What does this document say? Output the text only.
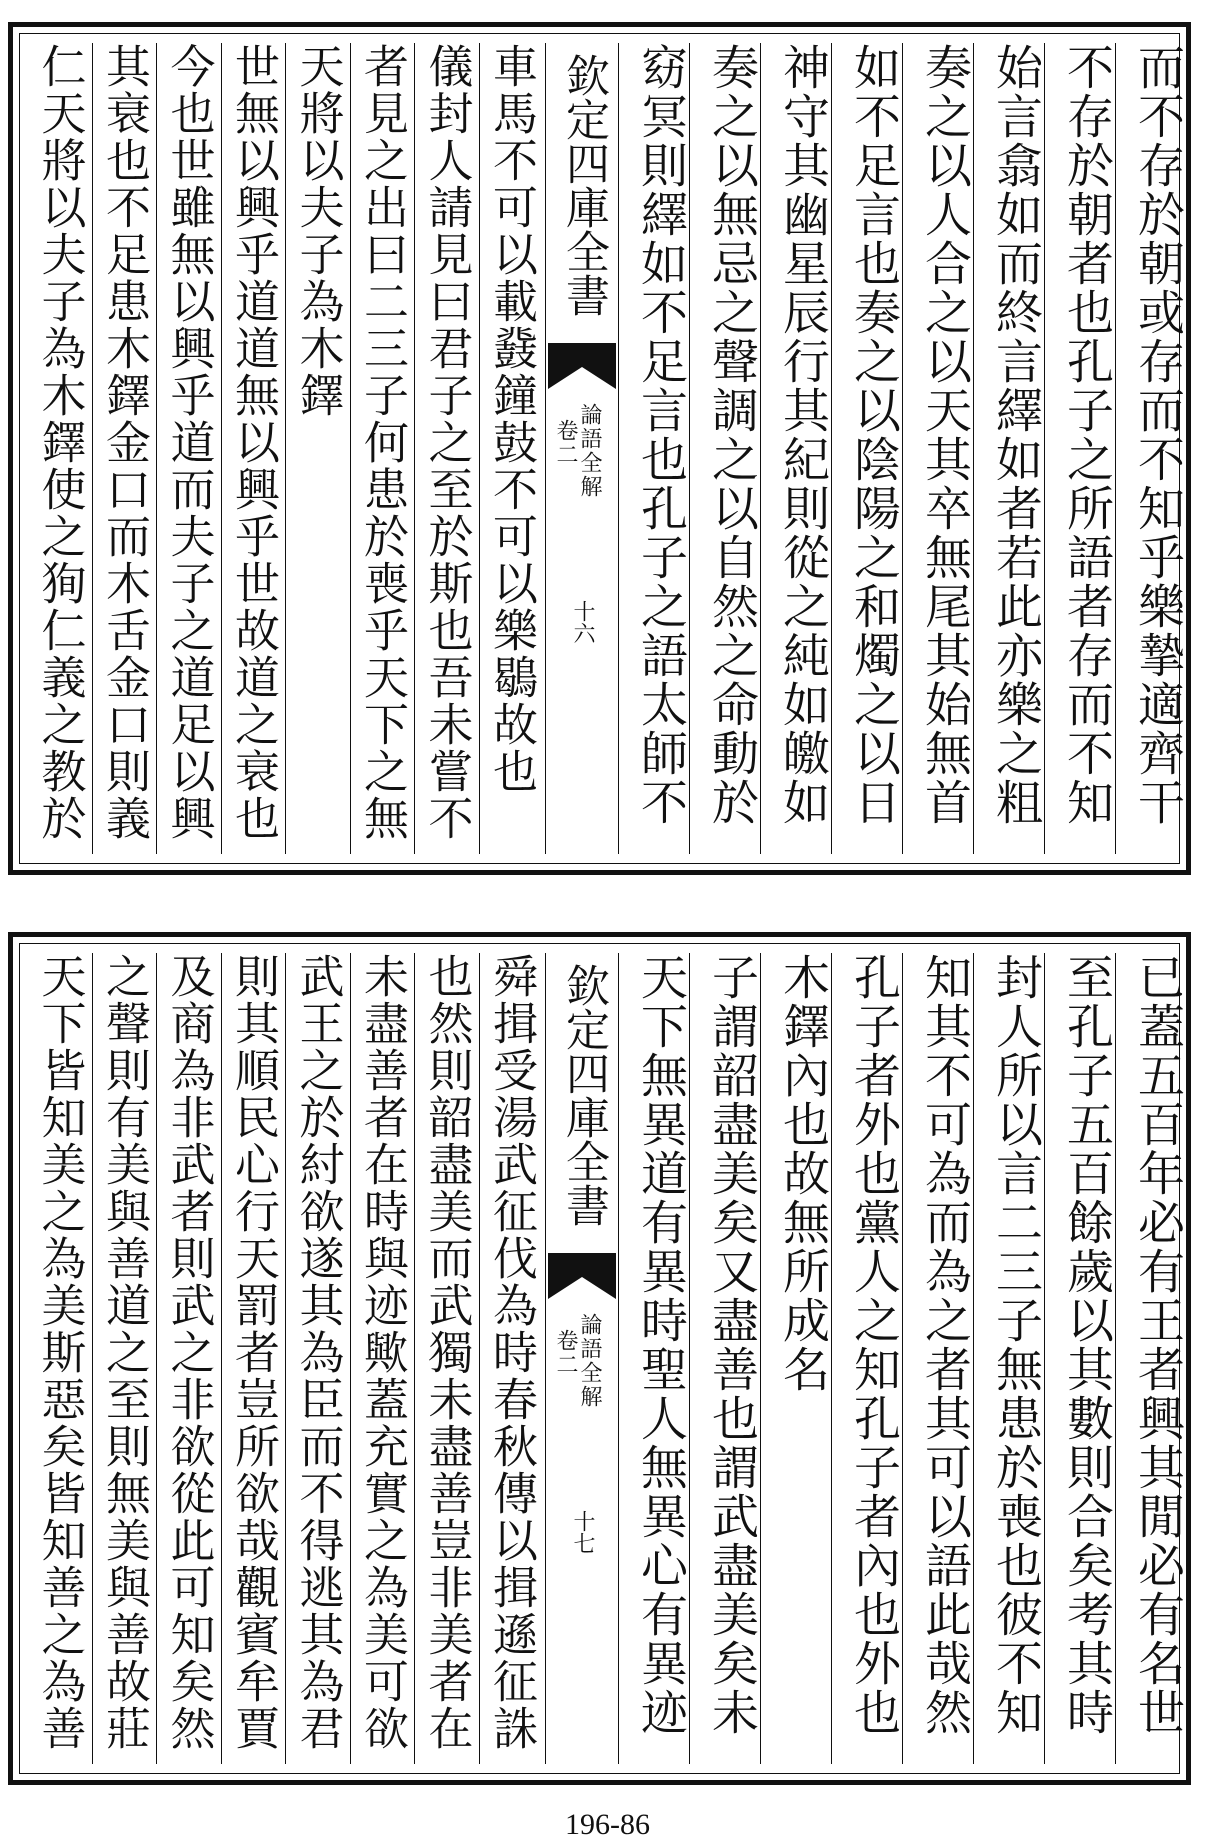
而不存於朝或存而不知乎樂摯適齊干
不存於朝者也孔子之所語者存而不知
始言翕如而終言繹如者若此亦樂之粗
奏之以人合之以天其卒無尾其始無首
如不足言也奏之以陰陽之和燭之以日
神守其幽星辰行其紀則從之純如皦如
奏之以無忌之聲調之以自然之命動於
窈冥則繹如不足言也孔子之語太師不
欽定四庫全書
論語全解
卷二
十六
車馬不可以載鼗鐘鼓不可以樂鶡故也
儀封人請見曰君子之至於斯也吾未嘗不
者見之出曰二三子何患於喪乎天下之無
天將以夫子為木鐸
世無以興乎道道無以興乎世故道之衰也
今也世雖無以興乎道而夫子之道足以興
其衰也不足患木鐸金口而木舌金口則義
仁天將以夫子為木鐸使之狥仁義之教於
已蓋五百年必有王者興其閒必有名世
至孔子五百餘歲以其數則合矣考其時
封人所以言二三子無患於喪也彼不知
知其不可為而為之者其可以語此哉然
孔子者外也黨人之知孔子者內也外也
木鐸內也故無所成名
子謂韶盡美矣又盡善也謂武盡美矣未
天下無異道有異時聖人無異心有異迹
欽定四庫全書
論語全解
卷二
十七
舜揖受湯武征伐為時春秋傳以揖遜征誅
也然則韶盡美而武獨未盡善豈非美者在
未盡善者在時與迹歟蓋充實之為美可欲
武王之於紂欲遂其為臣而不得逃其為君
則其順民心行天罰者豈所欲哉觀賓牟賈
及商為非武者則武之非欲從此可知矣然
之聲則有美與善道之至則無美與善故莊
天下皆知美之為美斯惡矣皆知善之為善
196-86
